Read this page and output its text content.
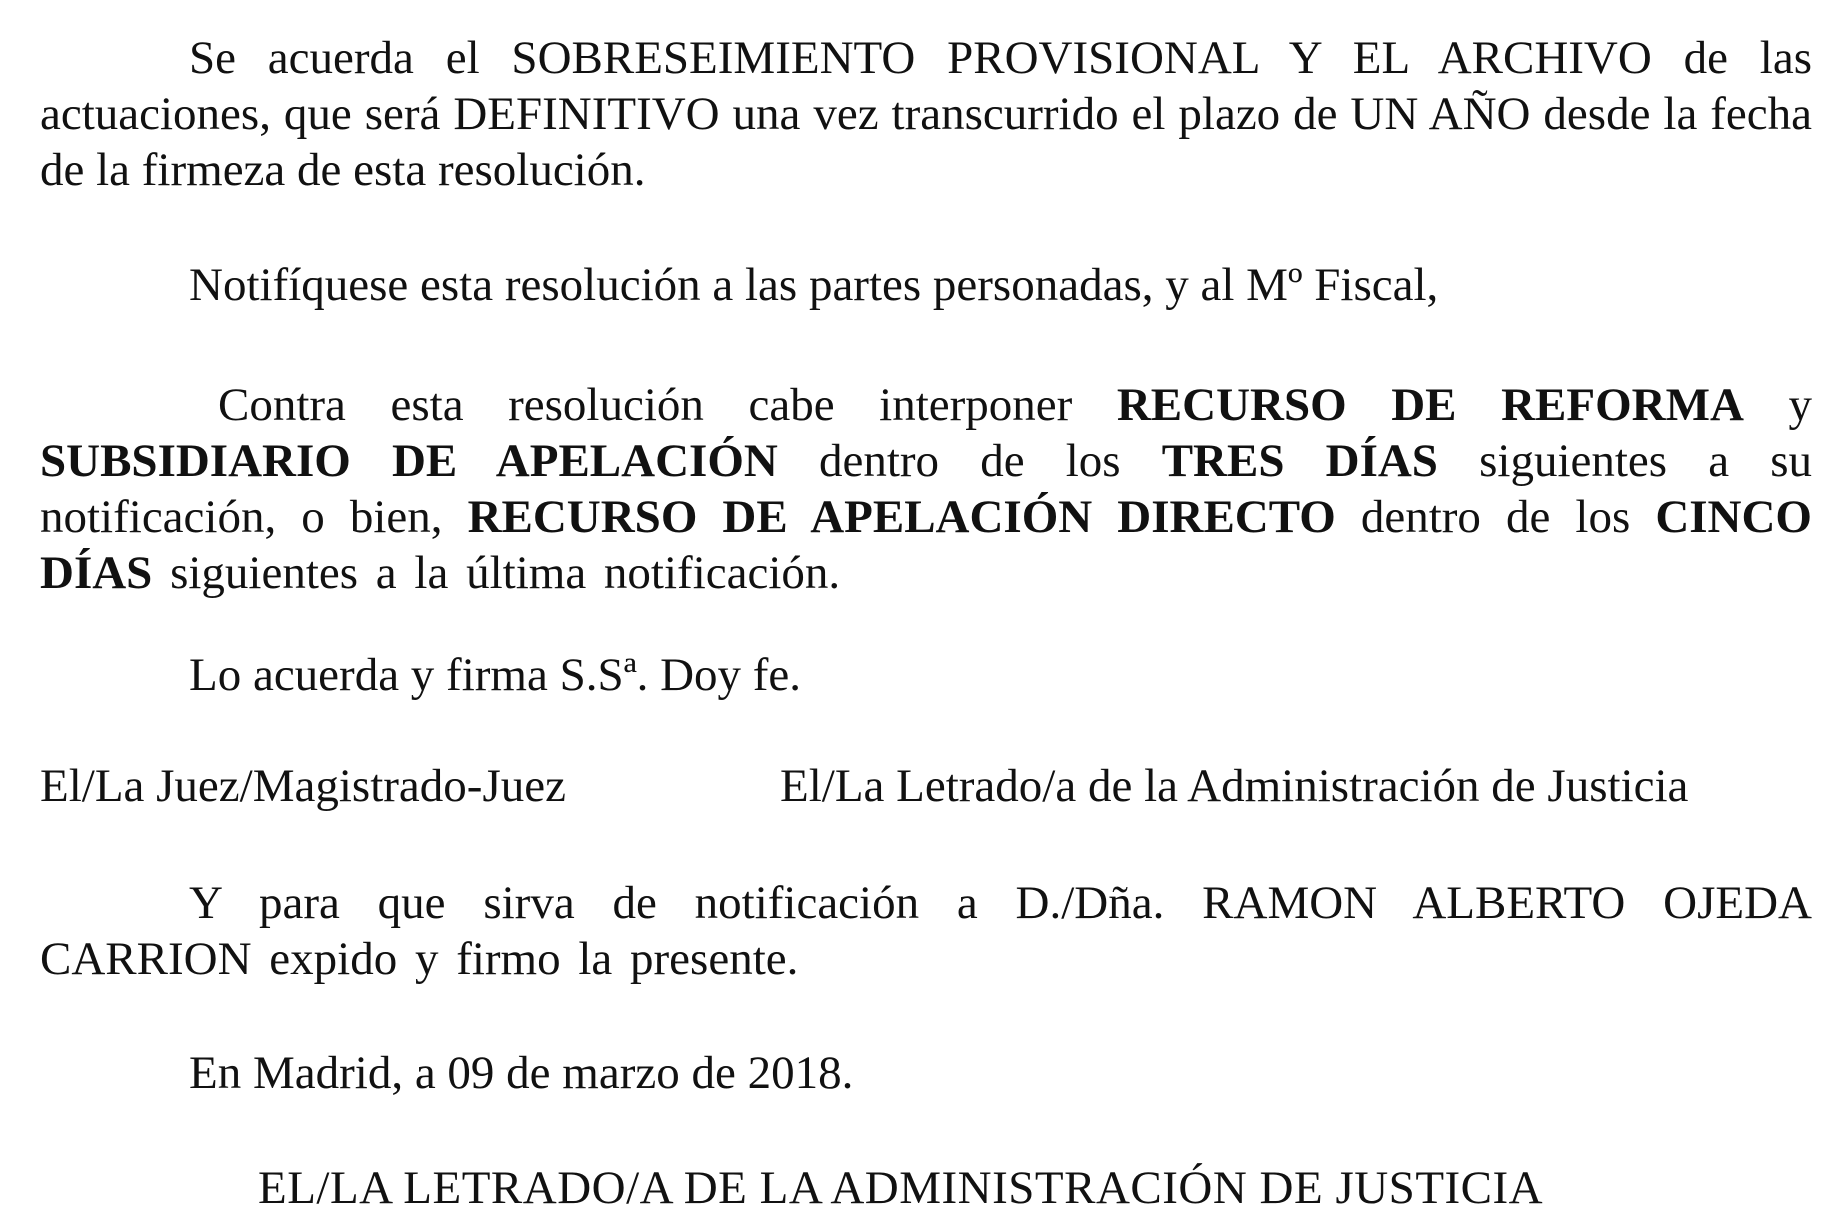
Se acuerda el SOBRESEIMIENTO PROVISIONAL Y EL ARCHIVO de las actuaciones, que será DEFINITIVO una vez transcurrido el plazo de UN AÑO desde la fecha de la firmeza de esta resolución.

Notifíquese esta resolución a las partes personadas, y al Mº Fiscal,

Contra esta resolución cabe interponer RECURSO DE REFORMA y SUBSIDIARIO DE APELACIÓN dentro de los TRES DÍAS siguientes a su notificación, o bien, RECURSO DE APELACIÓN DIRECTO dentro de los CINCO DÍAS siguientes a la última notificación.

Lo acuerda y firma S.Sª. Doy fe.

El/La Juez/Magistrado-Juez	El/La Letrado/a de la Administración de Justicia

Y para que sirva de notificación a D./Dña. RAMON ALBERTO OJEDA CARRION expido y firmo la presente.

En Madrid, a 09 de marzo de 2018.

EL/LA LETRADO/A DE LA ADMINISTRACIÓN DE JUSTICIA
